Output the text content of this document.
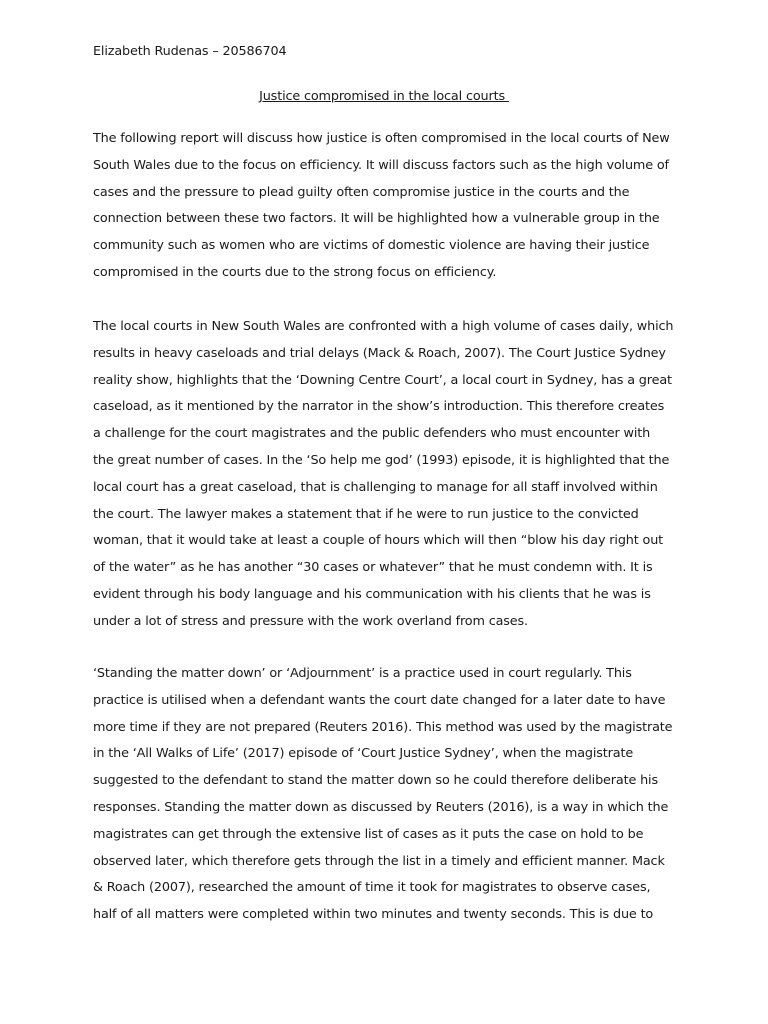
Elizabeth Rudenas – 20586704

Justice compromised in the local courts

The following report will discuss how justice is often compromised in the local courts of New
South Wales due to the focus on efficiency. It will discuss factors such as the high volume of
cases and the pressure to plead guilty often compromise justice in the courts and the
connection between these two factors. It will be highlighted how a vulnerable group in the
community such as women who are victims of domestic violence are having their justice
compromised in the courts due to the strong focus on efficiency.
The local courts in New South Wales are confronted with a high volume of cases daily, which
results in heavy caseloads and trial delays (Mack & Roach, 2007). The Court Justice Sydney
reality show, highlights that the ‘Downing Centre Court’, a local court in Sydney, has a great
caseload, as it mentioned by the narrator in the show’s introduction. This therefore creates
a challenge for the court magistrates and the public defenders who must encounter with
the great number of cases. In the ‘So help me god’ (1993) episode, it is highlighted that the
local court has a great caseload, that is challenging to manage for all staff involved within
the court. The lawyer makes a statement that if he were to run justice to the convicted
woman, that it would take at least a couple of hours which will then “blow his day right out
of the water” as he has another “30 cases or whatever” that he must condemn with. It is
evident through his body language and his communication with his clients that he was is
under a lot of stress and pressure with the work overland from cases.
‘Standing the matter down’ or ‘Adjournment’ is a practice used in court regularly. This
practice is utilised when a defendant wants the court date changed for a later date to have
more time if they are not prepared (Reuters 2016). This method was used by the magistrate
in the ‘All Walks of Life’ (2017) episode of ‘Court Justice Sydney’, when the magistrate
suggested to the defendant to stand the matter down so he could therefore deliberate his
responses. Standing the matter down as discussed by Reuters (2016), is a way in which the
magistrates can get through the extensive list of cases as it puts the case on hold to be
observed later, which therefore gets through the list in a timely and efficient manner. Mack
& Roach (2007), researched the amount of time it took for magistrates to observe cases,
half of all matters were completed within two minutes and twenty seconds. This is due to
